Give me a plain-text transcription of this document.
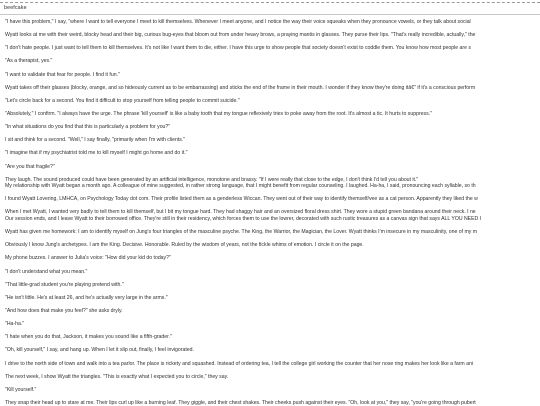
beefcake
"I have this problem," I say, "where I want to tell everyone I meet to kill themselves. Whenever I meet anyone, and I notice the way their voice squeaks when they pronounce vowels, or they talk about social
Wyatt looks at me with their weird, blocky head and their big, curious bug-eyes that bloom out from under heavy brows, a praying mantis in glasses. They purse their lips. "That's really incredible, actually," the
"I don't hate people. I just want to tell them to kill themselves. It's not like I want them to die, either. I have this urge to show people that society doesn't exist to coddle them. You know how most people are s
"As a therapist, yes."
"I want to validate that fear for people. I find it fun."
Wyatt takes off their glasses (blocky, orange, and so hideously current as to be embarrassing) and sticks the end of the frame in their mouth. I wonder if they know they're doing itâ€" if it's a conscious perform
"Let's circle back for a second. You find it difficult to stop yourself from telling people to commit suicide."
"Absolutely," I confirm. "I always have the urge. The phrase 'kill yourself' is like a baby tooth that my tongue reflexively tries to poke away from the root. It's almost a tic. It hurts to suppress."
"In what situations do you find that this is particularly a problem for you?"
I sit and think for a second. "Well," I say finally, "primarily when I'm with clients."
"I imagine that if my psychiatrist told me to kill myself I might go home and do it."
"Are you that fragile?"
They laugh. The sound produced could have been generated by an artificial intelligence, monotone and brassy. "If I were really that close to the edge, I don't think I'd tell you about it."
My relationship with Wyatt began a month ago. A colleague of mine suggested, in rather strong language, that I might benefit from regular counseling. I laughed. Ha-ha, I said, pronouncing each syllable, so th
I found Wyatt Lovering, LMHCA, on Psychology Today dot com. Their profile listed them as a genderless Wiccan. They went out of their way to identify themself/vee as a cat person. Apparently they liked the w
When I met Wyatt, I wanted very badly to tell them to kill themself, but I bit my tongue hard. They had shaggy hair and an oversized floral dress shirt. They wore a stupid green bandana around their neck. I ne
Our session ends, and I leave Wyatt to their borrowed office. They're still in their residency, which forces them to use the lowrer, decorated with such rustic treasures as a canvas sign that says ALL YOU NEED I
Wyatt has given me homework: I am to identify myself on Jung's four triangles of the masculine psyche. The King, the Warrior, the Magician, the Lover. Wyatt thinks I'm insecure in my masculinity, one of my m
Obviously I know Jung's archetypes. I am the King. Decisive. Honorable. Ruled by the wisdom of years, not the fickle whims of emotion. I circle it on the page.
My phone buzzes. I answer to Julia's voice: "How did your kid do today?"
"I don't understand what you mean."
"That little-grad student you're playing pretend with."
"He isn't little. He's at least 26, and he's actually very large in the arms."
"And how does that make you feel?" she asks dryly.
"Ha-ha."
"I hate when you do that, Jackson, it makes you sound like a fifth-grader."
"Oh, kill yourself," I say, and hang up. When I let it slip out, finally, I feel invigorated.
I drive to the north side of town and walk into a tea parlor. The place is rickety and squashed. Instead of ordering tea, I tell the college girl working the counter that her nose ring makes her look like a farm ani
The next week, I show Wyatt the triangles. "This is exactly what I expected you to circle," they say.
"Kill yourself."
They snap their head up to stare at me. Their lips curl up like a burning leaf. They giggle, and their chest shakes. Their cheeks push against their eyes. "Oh, look at you," they say, "you're going through pubert
